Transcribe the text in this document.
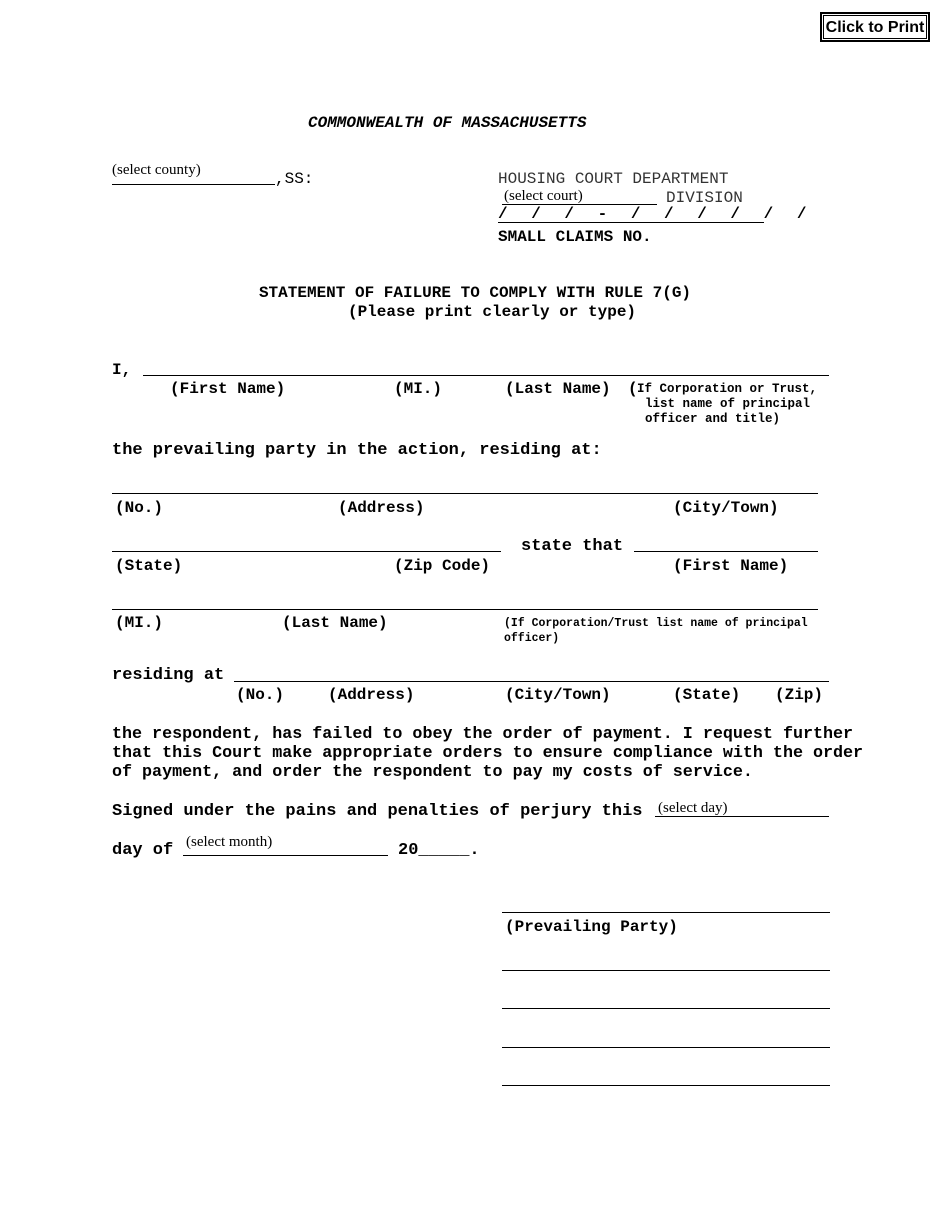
Click to Print
COMMONWEALTH OF MASSACHUSETTS
(select county)	,SS:	HOUSING COURT DEPARTMENT
(select court)	DIVISION
/ / / - / / / / / /
SMALL CLAIMS NO.
STATEMENT OF FAILURE TO COMPLY WITH RULE 7(G)
(Please print clearly or type)
I,
(First Name)	(MI.)	(Last Name) ( If Corporation or Trust,
list name of principal
officer and title)
the prevailing party in the action, residing at:
(No.)	(Address)	(City/Town)
state that
(State)	(Zip Code)	(First Name)
(MI.)	(Last Name)	(If Corporation/Trust list name of principal
officer)
residing at
(No.)	(Address)	(City/Town)	(State) (Zip)
the respondent, has failed to obey the order of payment. I request further
that this Court make appropriate orders to ensure compliance with the order
of payment, and order the respondent to pay my costs of service.
Signed under the pains and penalties of perjury this (select day)
day of (select month)	20_____.
(Prevailing Party)
